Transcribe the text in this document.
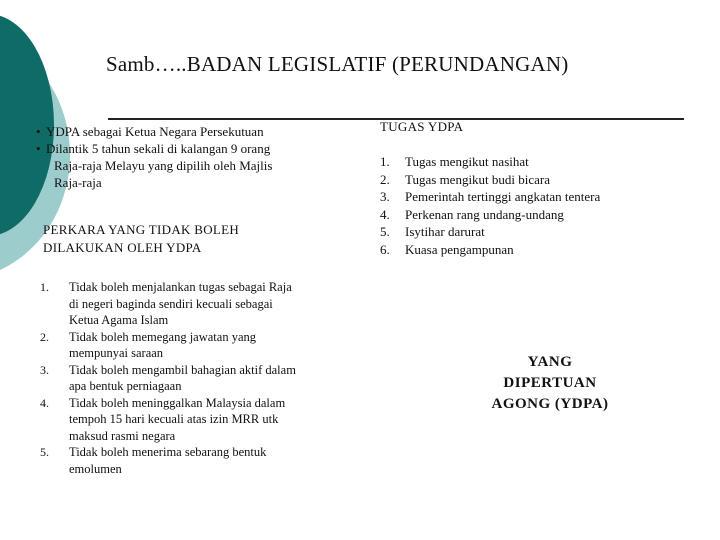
Samb…..BADAN LEGISLATIF (PERUNDANGAN)
• YDPA sebagai Ketua Negara Persekutuan
• Dilantik 5 tahun sekali di kalangan 9 orang
Raja-raja Melayu yang dipilih oleh Majlis
Raja-raja
PERKARA YANG TIDAK BOLEH
DILAKUKAN OLEH YDPA
1.	Tidak boleh menjalankan tugas sebagai Raja di negeri baginda sendiri kecuali sebagai Ketua Agama Islam
2.	Tidak boleh memegang jawatan yang mempunyai saraan
3.	Tidak boleh mengambil bahagian aktif dalam apa bentuk perniagaan
4.	Tidak boleh meninggalkan Malaysia dalam tempoh 15 hari kecuali atas izin MRR utk maksud rasmi negara
5.	Tidak boleh menerima sebarang bentuk emolumen
TUGAS YDPA
1.	Tugas mengikut nasihat
2.	Tugas mengikut budi bicara
3.	Pemerintah tertinggi angkatan tentera
4.	Perkenan rang undang-undang
5.	Isytihar darurat
6.	Kuasa pengampunan
YANG
DIPERTUAN
AGONG (YDPA)
